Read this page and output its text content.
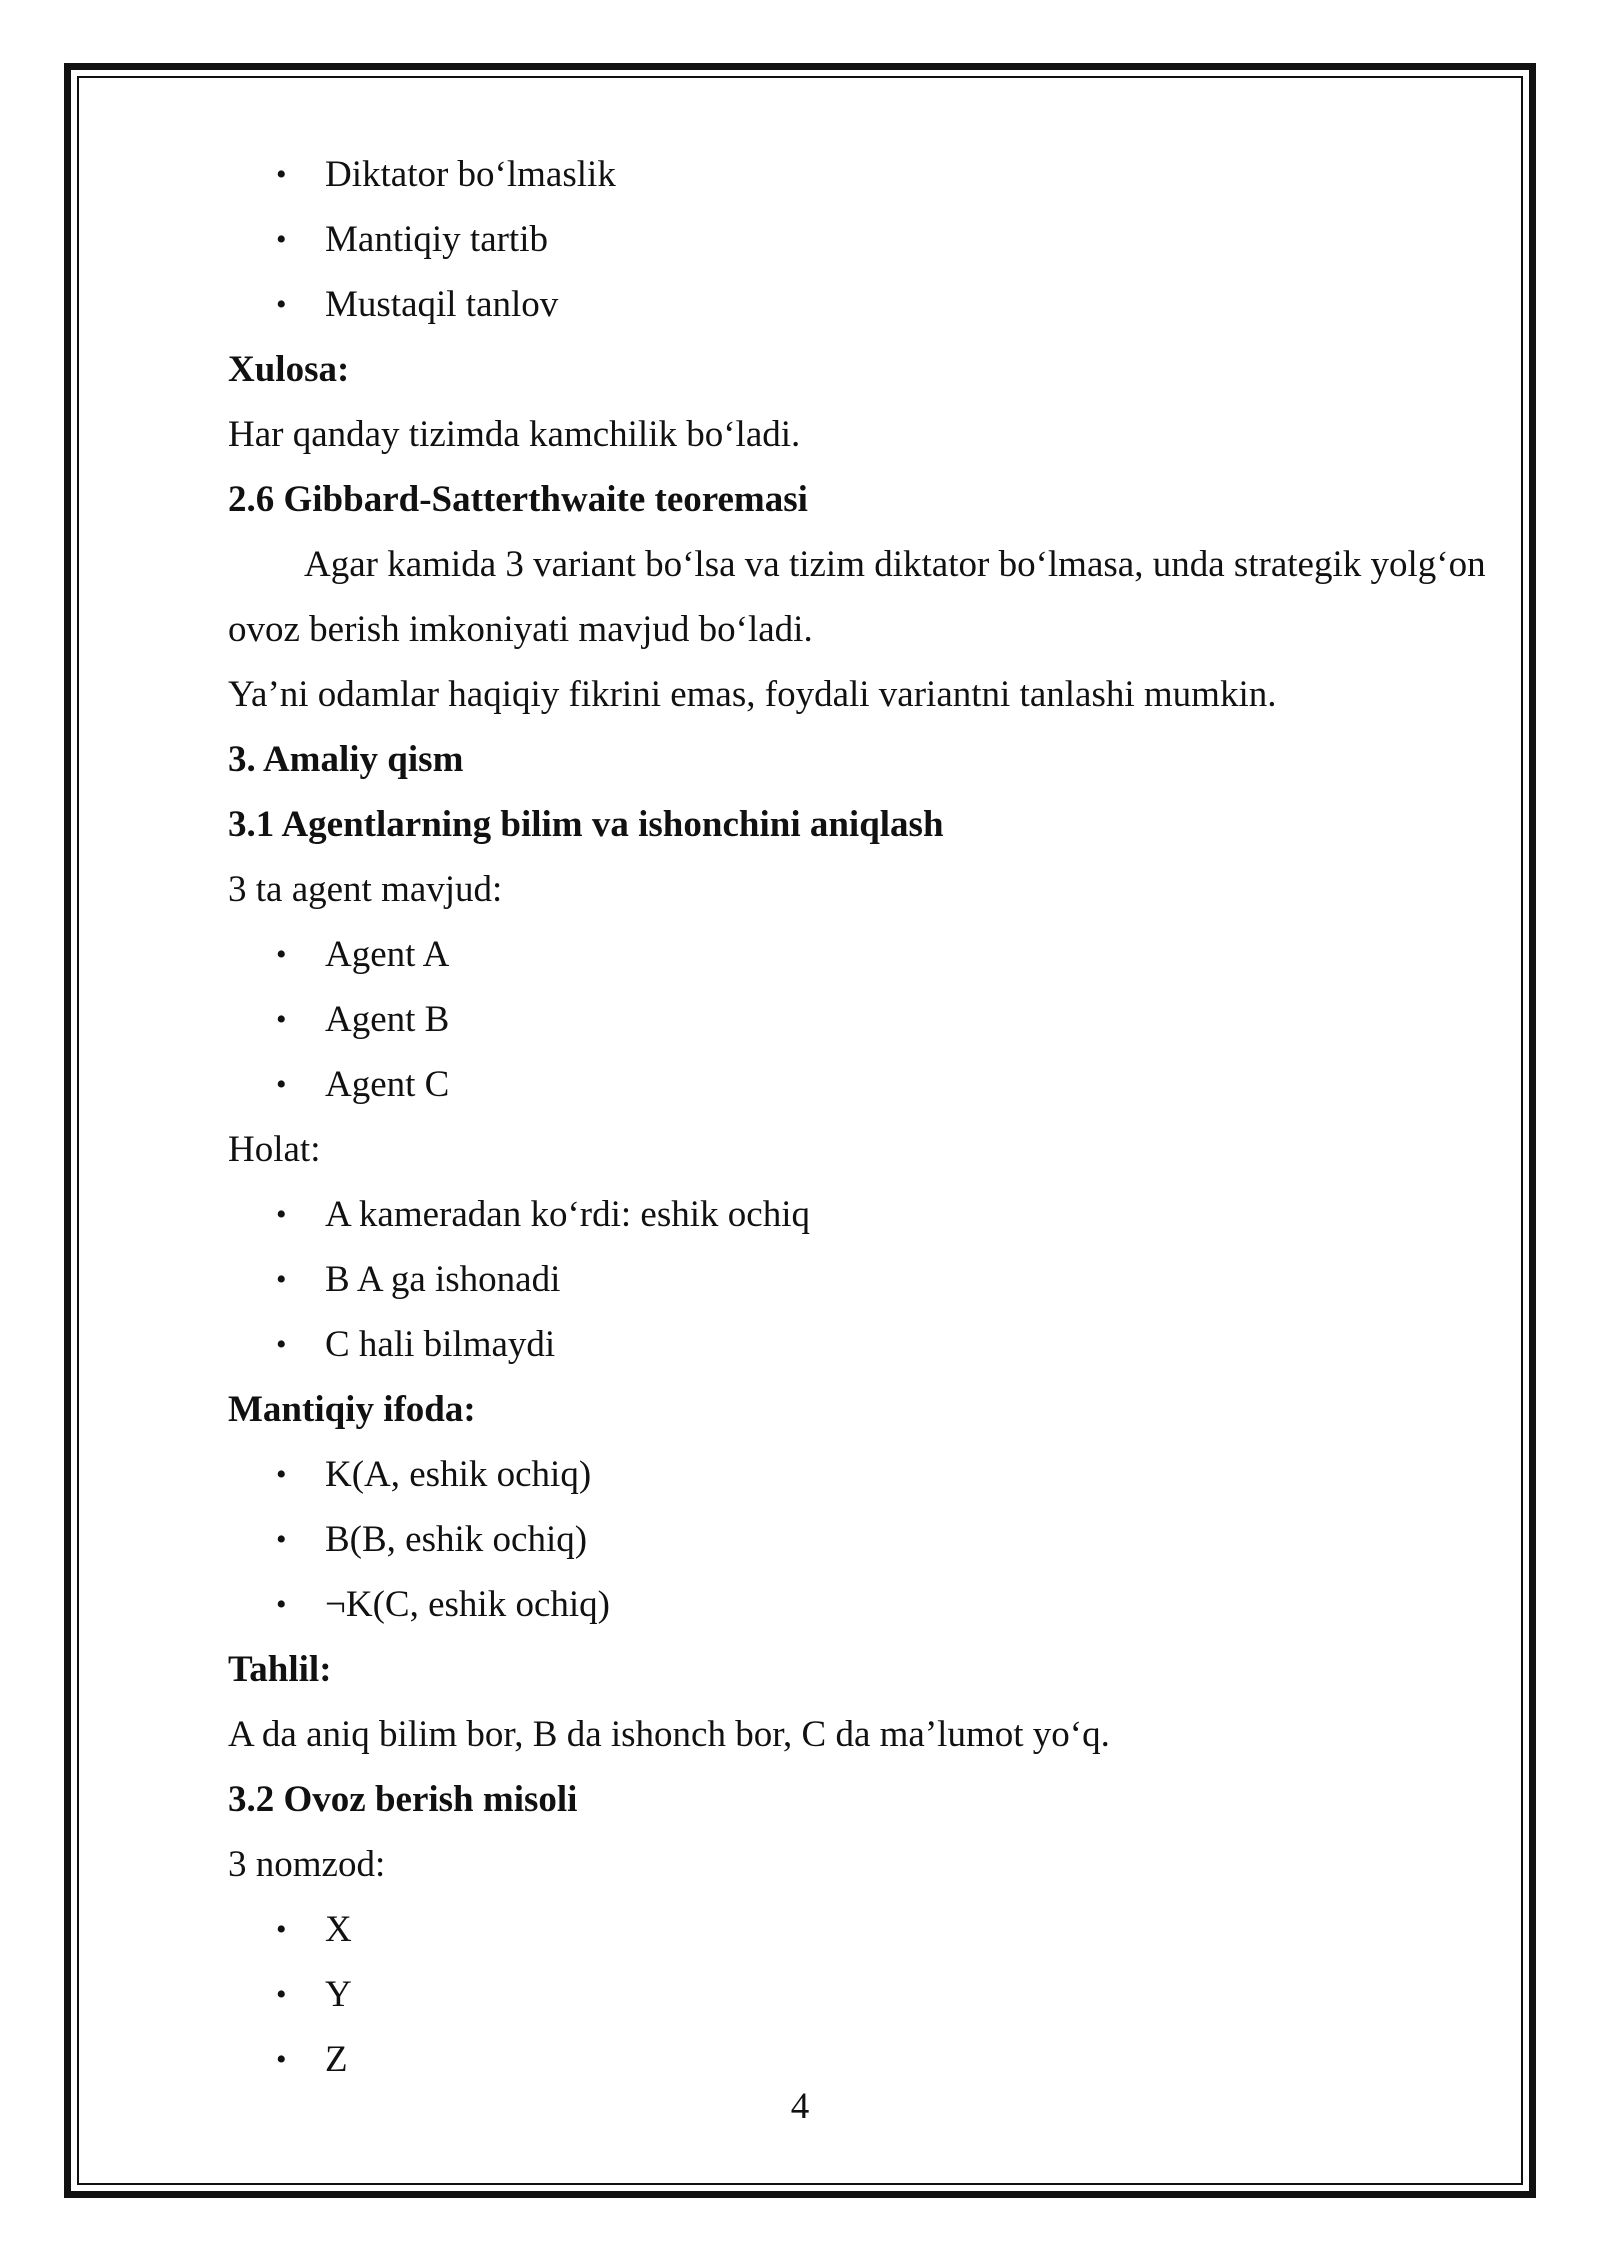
• Diktator bo‘lmaslik
• Mantiqiy tartib
• Mustaqil tanlov
Xulosa:
Har qanday tizimda kamchilik bo‘ladi.
2.6 Gibbard-Satterthwaite teoremasi
Agar kamida 3 variant bo‘lsa va tizim diktator bo‘lmasa, unda strategik yolg‘on
ovoz berish imkoniyati mavjud bo‘ladi.
Ya’ni odamlar haqiqiy fikrini emas, foydali variantni tanlashi mumkin.
3. Amaliy qism
3.1 Agentlarning bilim va ishonchini aniqlash
3 ta agent mavjud:
• Agent A
• Agent B
• Agent C
Holat:
• A kameradan ko‘rdi: eshik ochiq
• B A ga ishonadi
• C hali bilmaydi
Mantiqiy ifoda:
• K(A, eshik ochiq)
• B(B, eshik ochiq)
• ¬K(C, eshik ochiq)
Tahlil:
A da aniq bilim bor, B da ishonch bor, C da ma’lumot yo‘q.
3.2 Ovoz berish misoli
3 nomzod:
• X
• Y
• Z
4
